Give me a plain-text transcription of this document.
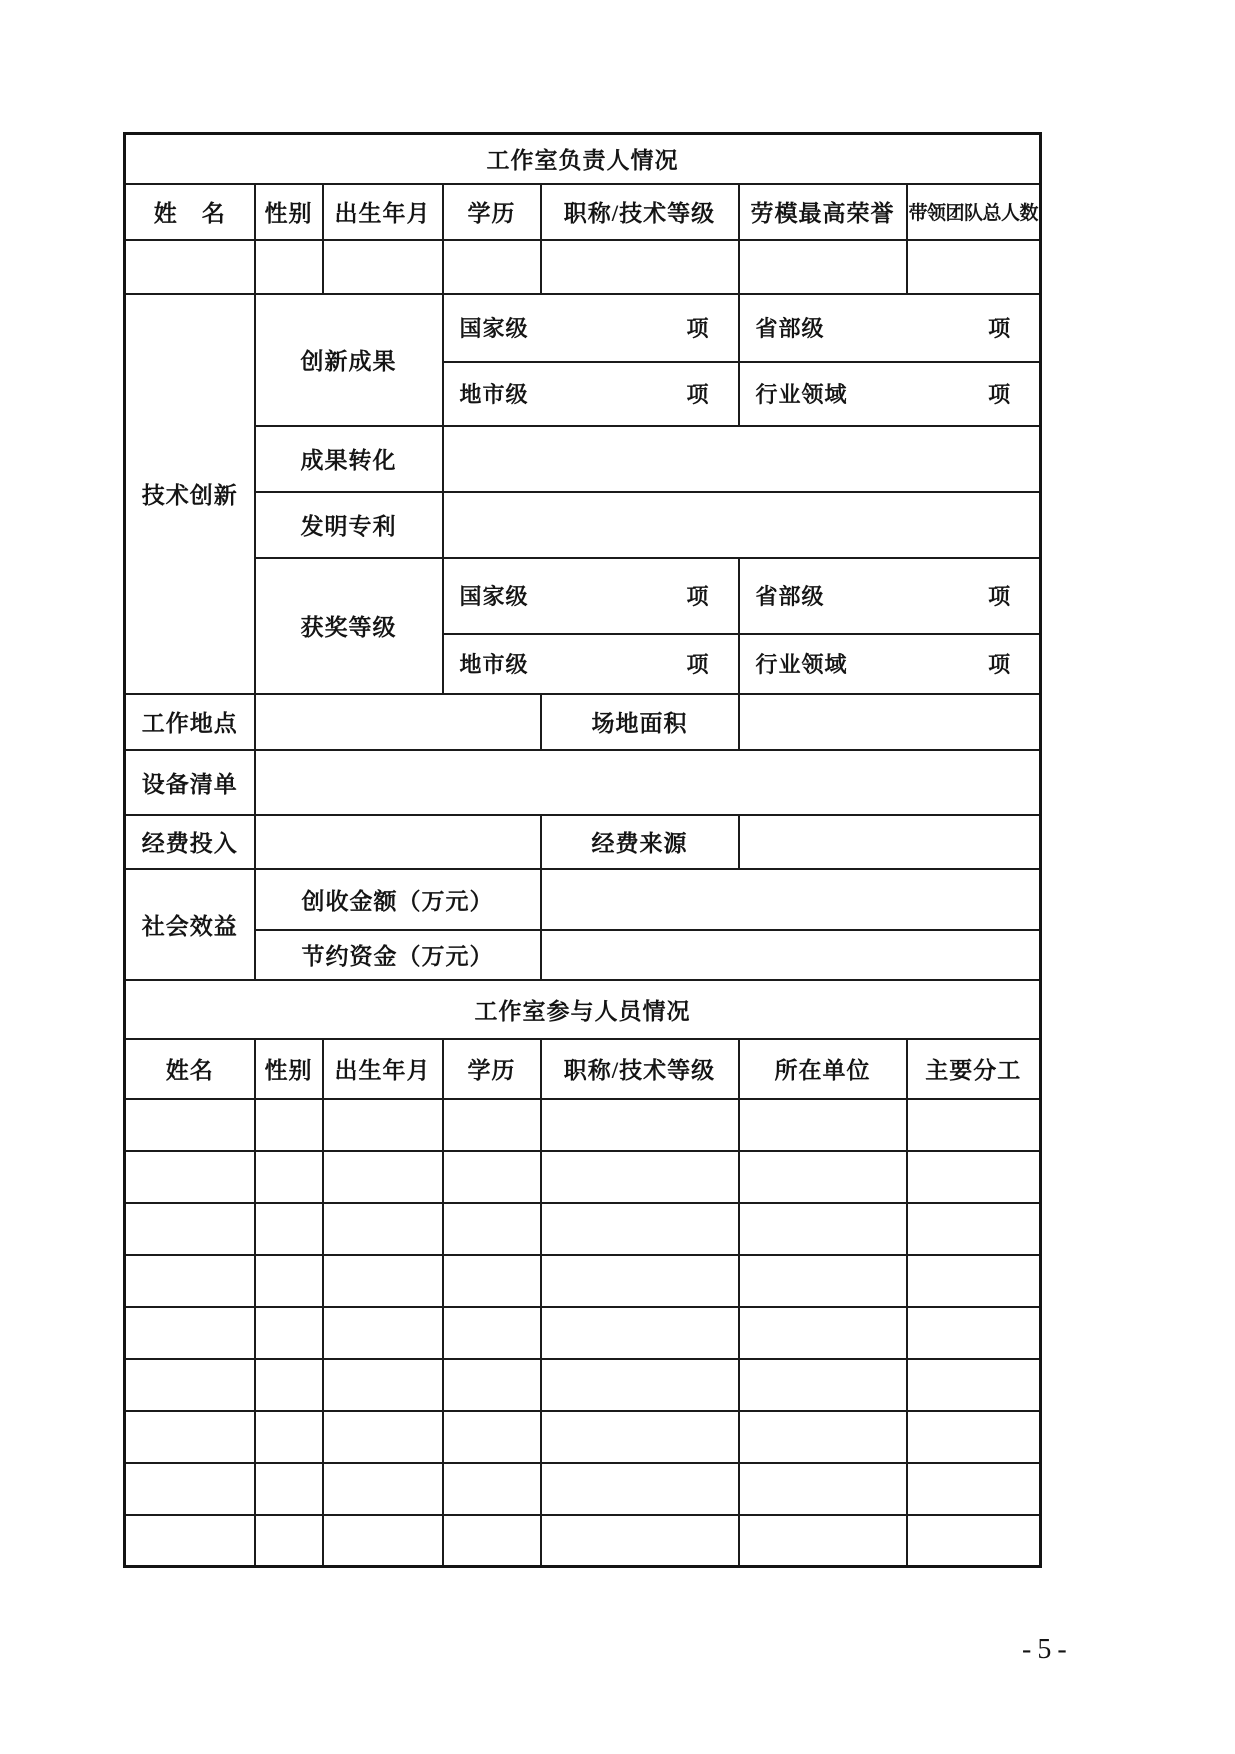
工作室负责人情况						
姓　名	性别	出生年月	学历	职称/技术等级	劳模最高荣誉	带领团队总人数

技术创新	创新成果		国家级 项		省部级 项	

			地市级 项		行业领域 项	

	成果转化					
	发明专利					
	获奖等级		国家级 项		省部级 项	

			地市级 项		行业领域 项	

工作地点				场地面积		
设备清单						
经费投入				经费来源		
社会效益	创收金额（万元）					
	节约资金（万元）					
工作室参与人员情况						
姓名	性别	出生年月	学历	职称/技术等级	所在单位	主要分工

-5-
